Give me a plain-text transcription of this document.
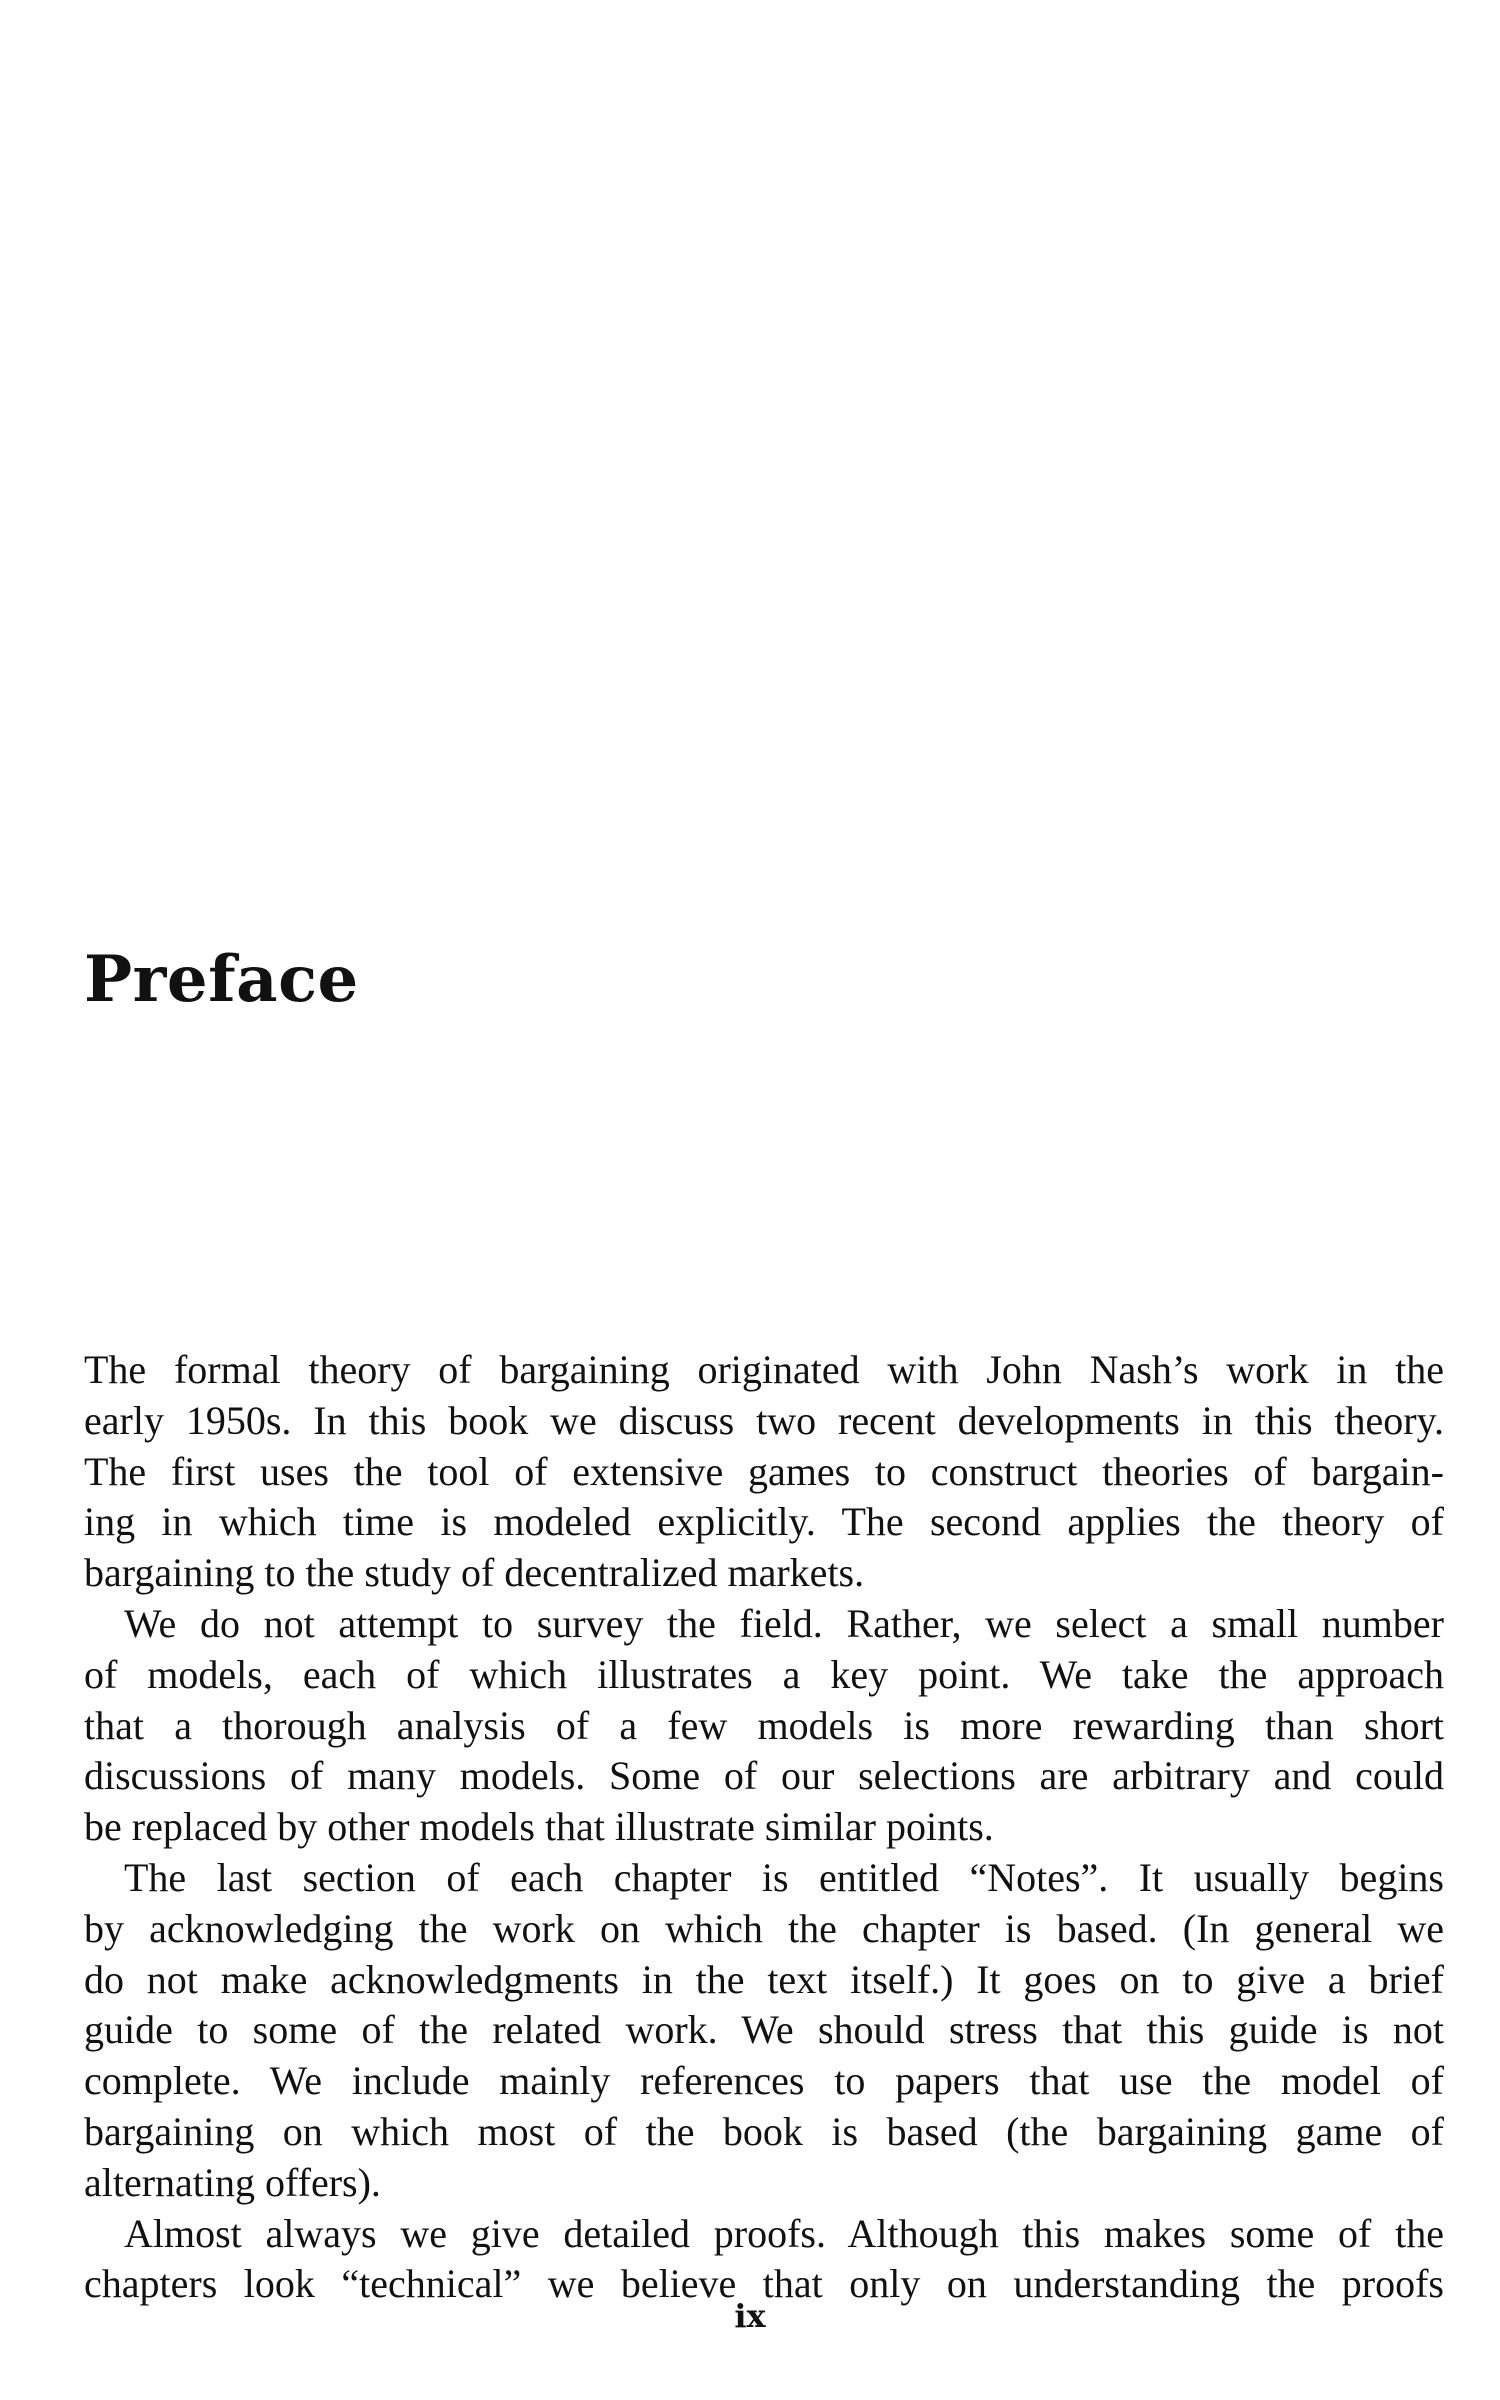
Preface
The formal theory of bargaining originated with John Nash’s work in the
early 1950s. In this book we discuss two recent developments in this theory.
The first uses the tool of extensive games to construct theories of bargain-
ing in which time is modeled explicitly. The second applies the theory of
bargaining to the study of decentralized markets.
We do not attempt to survey the field. Rather, we select a small number
of models, each of which illustrates a key point. We take the approach
that a thorough analysis of a few models is more rewarding than short
discussions of many models. Some of our selections are arbitrary and could
be replaced by other models that illustrate similar points.
The last section of each chapter is entitled “Notes”. It usually begins
by acknowledging the work on which the chapter is based. (In general we
do not make acknowledgments in the text itself.) It goes on to give a brief
guide to some of the related work. We should stress that this guide is not
complete. We include mainly references to papers that use the model of
bargaining on which most of the book is based (the bargaining game of
alternating offers).
Almost always we give detailed proofs. Although this makes some of the
chapters look “technical” we believe that only on understanding the proofs
ix
